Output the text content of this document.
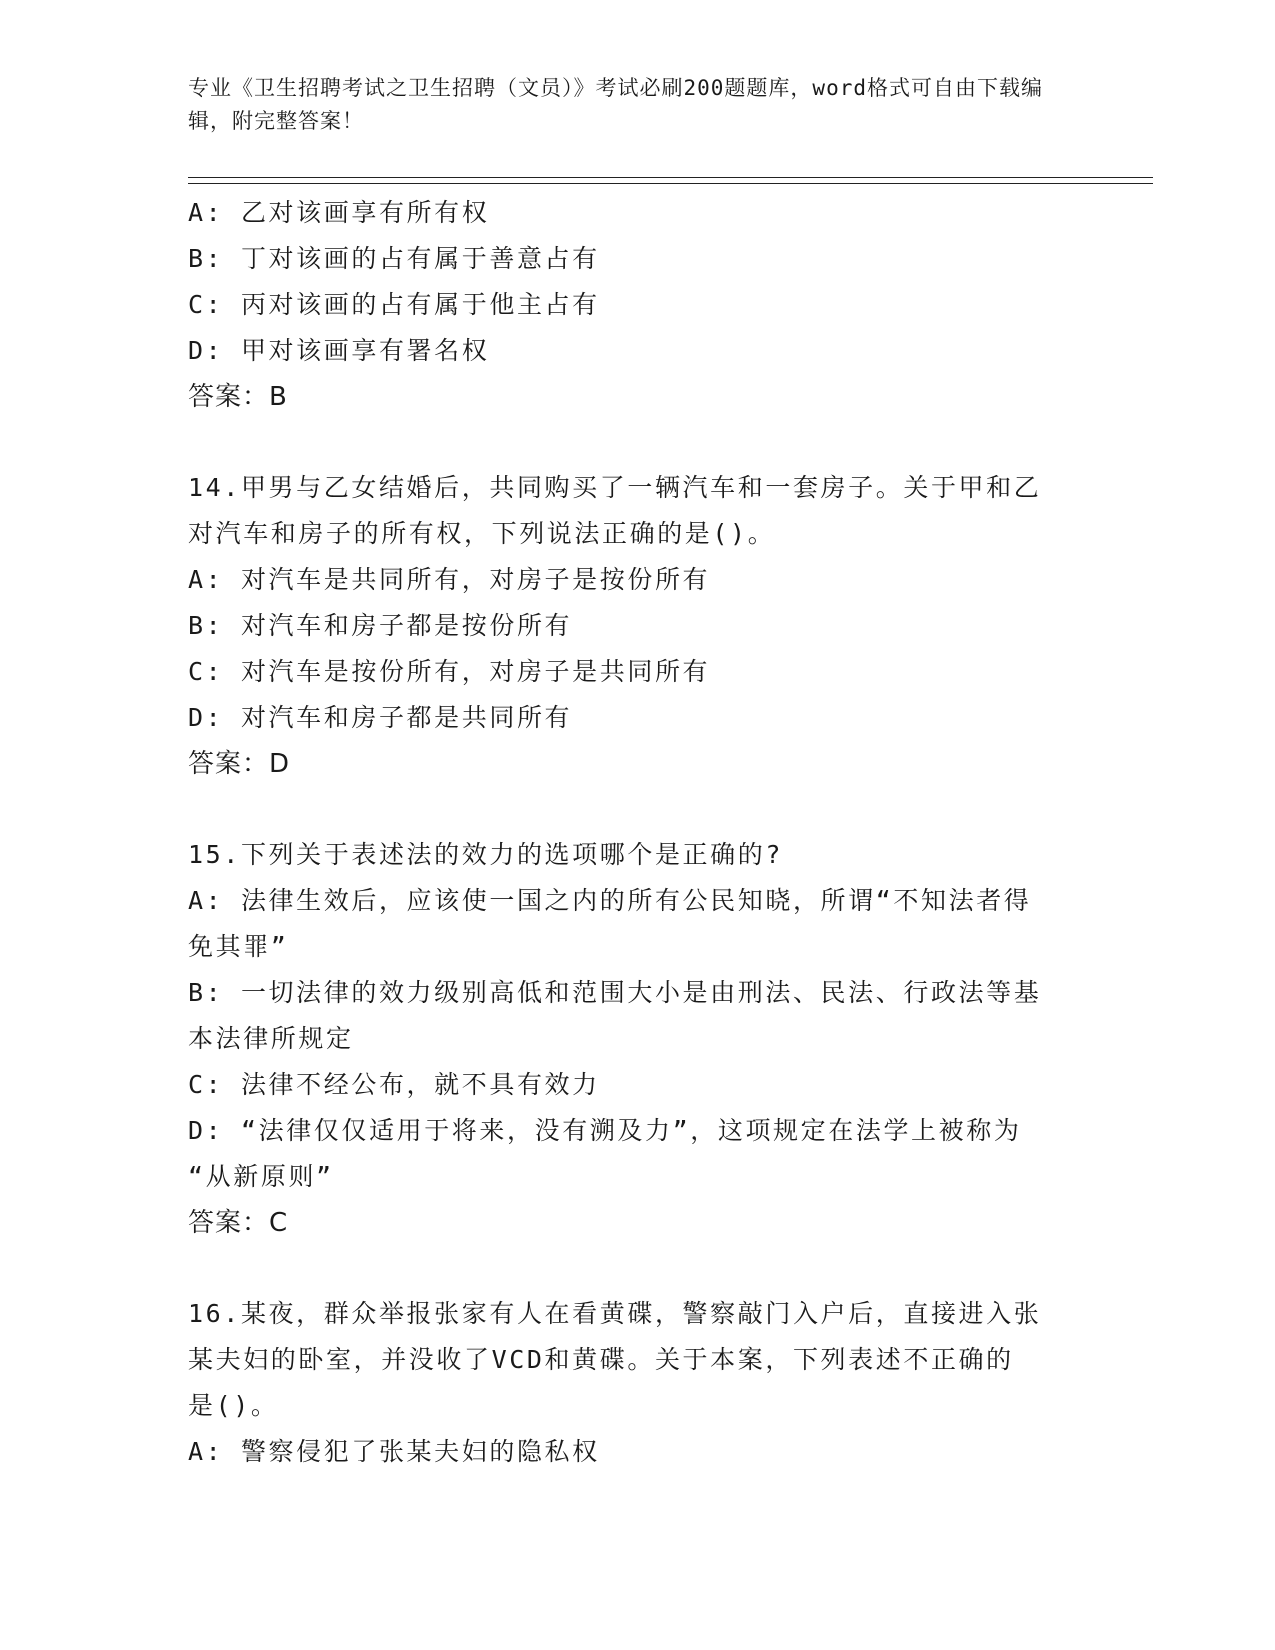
专业《卫生招聘考试之卫生招聘（文员）》考试必刷200题题库，word格式可自由下载编辑，附完整答案！

A: 乙对该画享有所有权

B: 丁对该画的占有属于善意占有

C: 丙对该画的占有属于他主占有

D: 甲对该画享有署名权

答案：B

14.甲男与乙女结婚后，共同购买了一辆汽车和一套房子。关于甲和乙

对汽车和房子的所有权，下列说法正确的是()。

A: 对汽车是共同所有，对房子是按份所有

B: 对汽车和房子都是按份所有

C: 对汽车是按份所有，对房子是共同所有

D: 对汽车和房子都是共同所有

答案：D

15.下列关于表述法的效力的选项哪个是正确的?

A: 法律生效后，应该使一国之内的所有公民知晓，所谓“不知法者得

免其罪”

B: 一切法律的效力级别高低和范围大小是由刑法、民法、行政法等基

本法律所规定

C: 法律不经公布，就不具有效力

D: “法律仅仅适用于将来，没有溯及力”，这项规定在法学上被称为

“从新原则”

答案：C

16.某夜，群众举报张家有人在看黄碟，警察敲门入户后，直接进入张

某夫妇的卧室，并没收了VCD和黄碟。关于本案，下列表述不正确的

是()。

A: 警察侵犯了张某夫妇的隐私权
